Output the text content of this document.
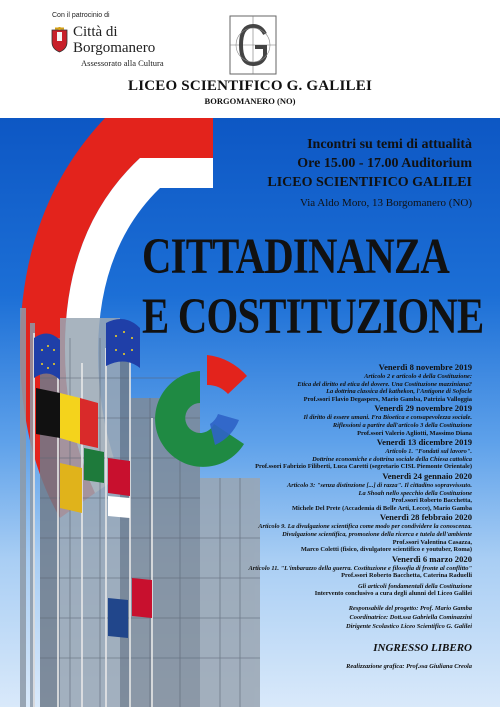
Con il patrocinio di
Città di
Borgomanero
Assessorato alla Cultura
LICEO SCIENTIFICO G. GALILEI
BORGOMANERO (NO)
Incontri su temi di attualità
Ore 15.00 - 17.00 Auditorium
LICEO SCIENTIFICO GALILEI
Via Aldo Moro, 13 Borgomanero (NO)
CITTADINANZA
E COSTITUZIONE
Venerdì 8 novembre 2019
Articolo 2 e articolo 4 della Costituzione:
Etica del diritto ed etica del dovere. Una Costituzione mazziniana?
La dottrina classica del kathekon, l'Antigone di Sofocle
Prof.ssori Flavio Degaspers, Mario Gamba, Patrizia Valloggia
Venerdì 29 novembre 2019
Il diritto di essere umani. Fra Bioetica e consapevolezza sociale.
Riflessioni a partire dall'articolo 3 della Costituzione
Prof.ssori Valerio Agliotti, Massimo Diana
Venerdì 13 dicembre 2019
Articolo 1. "Fondati sul lavoro".
Dottrine economiche e dottrina sociale della Chiesa cattolica
Prof.ssori Fabrizio Filiberti, Luca Caretti (segretario CISL Piemonte Orientale)
Venerdì 24 gennaio 2020
Articolo 3: "senza distinzione [...] di razza". Il cittadino sopravvissuto.
La Shoah nello specchio della Costituzione
Prof.ssori Roberto Bacchetta,
Michele Del Prete (Accademia di Belle Arti, Lecce), Mario Gamba
Venerdì 28 febbraio 2020
Articolo 9. La divulgazione scientifica come modo per condividere la conoscenza.
Divulgazione scientifica, promozione della ricerca e tutela dell'ambiente
Prof.ssori Valentina Casazza,
Marco Coletti (fisico, divulgatore scientifico e youtuber, Roma)
Venerdì 6 marzo 2020
Articolo 11. "L'imbarazzo della guerra. Costituzione e filosofia di fronte al conflitto"
Prof.ssori Roberto Bacchetta, Caterina Raduelli
Gli articoli fondamentali della Costituzione
Intervento conclusivo a cura degli alunni del Liceo Galilei
Responsabile del progetto: Prof. Mario Gamba
Coordinatrice: Dott.ssa Gabriella Cominazzini
Dirigente Scolastico Liceo Scientifico G. Galilei
INGRESSO LIBERO
Realizzazione grafica: Prof.ssa Giuliana Creola
